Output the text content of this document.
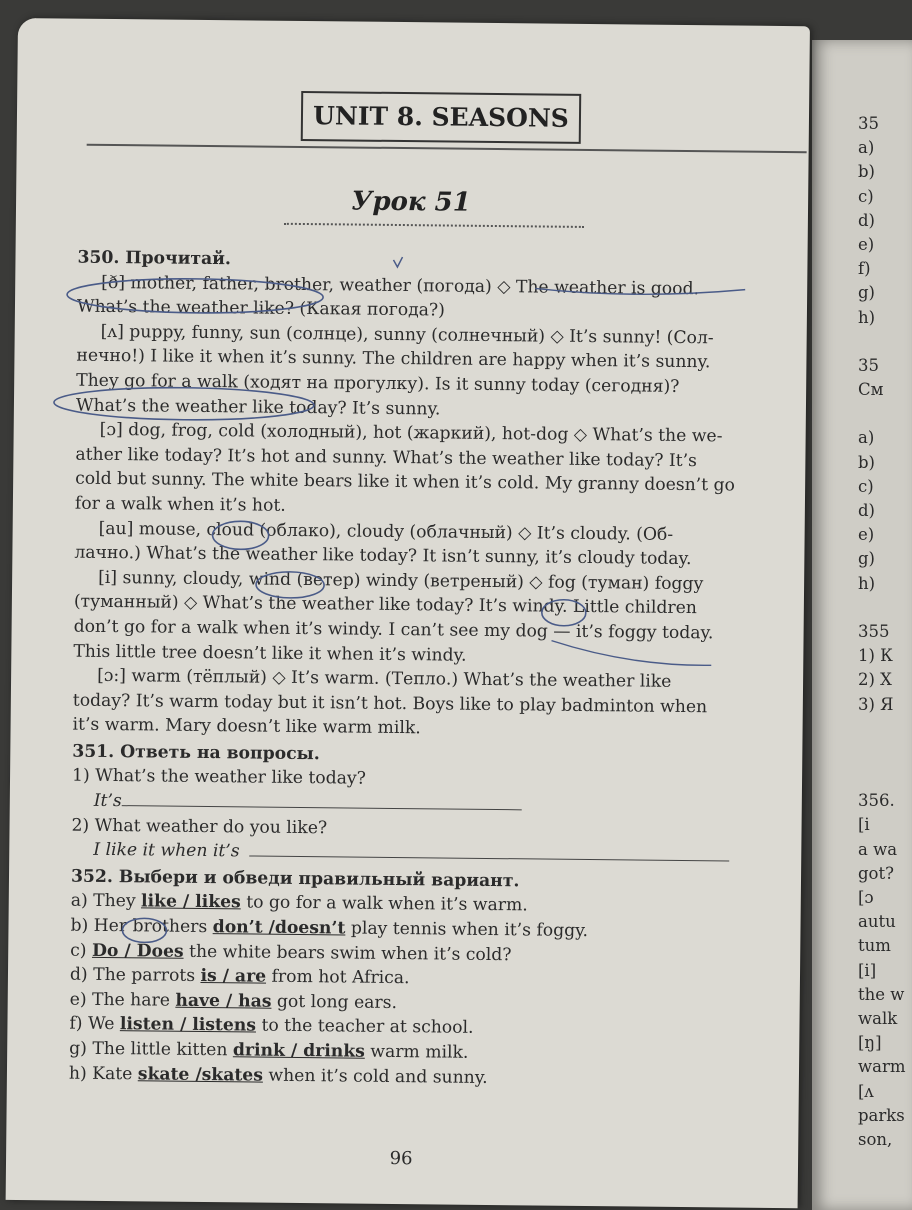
35
a)
b)
c)
d)
e)
f)
g)
h)
35
См
a)
b)
c)
d)
e)
g)
h)
355
1) К
2) Х
3) Я
356.
[i
a wa
got?
[ɔ
autu
tum
[i]
the w
walk
[ŋ]
warm
[ʌ
parks
son,
UNIT 8. SEASONS
Урок 51

350. Прочитай.

[ð] mother, father, brother, weather (погода) ◇ The weather is good.

What’s the weather like? (Какая погода?)

[ʌ] puppy, funny, sun (солнце), sunny (солнечный) ◇ It’s sunny! (Сол-

нечно!) I like it when it’s sunny. The children are happy when it’s sunny.

They go for a walk (ходят на прогулку). Is it sunny today (сегодня)?

What’s the weather like today? It’s sunny.

[ɔ] dog, frog, cold (холодный), hot (жаркий), hot-dog ◇ What’s the we-

ather like today? It’s hot and sunny. What’s the weather like today? It’s

cold but sunny. The white bears like it when it’s cold. My granny doesn’t go

for a walk when it’s hot.

[au] mouse, cloud (облако), cloudy (облачный) ◇ It’s cloudy. (Об-

лачно.) What’s the weather like today? It isn’t sunny, it’s cloudy today.

[i] sunny, cloudy, wind (ветер) windy (ветреный) ◇ fog (туман) foggy

(туманный) ◇ What’s the weather like today? It’s windy. Little children

don’t go for a walk when it’s windy. I can’t see my dog — it’s foggy today.

This little tree doesn’t like it when it’s windy.

[ɔ:] warm (тёплый) ◇ It’s warm. (Тепло.) What’s the weather like

today? It’s warm today but it isn’t hot. Boys like to play badminton when

it’s warm. Mary doesn’t like warm milk.

351. Ответь на вопросы.

1) What’s the weather like today?

It’s

2) What weather do you like?

I like it when it’s

352. Выбери и обведи правильный вариант.

a) They like / likes to go for a walk when it’s warm.

b) Her brothers don’t /doesn’t play tennis when it’s foggy.

c) Do / Does the white bears swim when it’s cold?

d) The parrots is / are from hot Africa.

e) The hare have / has got long ears.

f) We listen / listens to the teacher at school.

g) The little kitten drink / drinks warm milk.

h) Kate skate /skates when it’s cold and sunny.

96
